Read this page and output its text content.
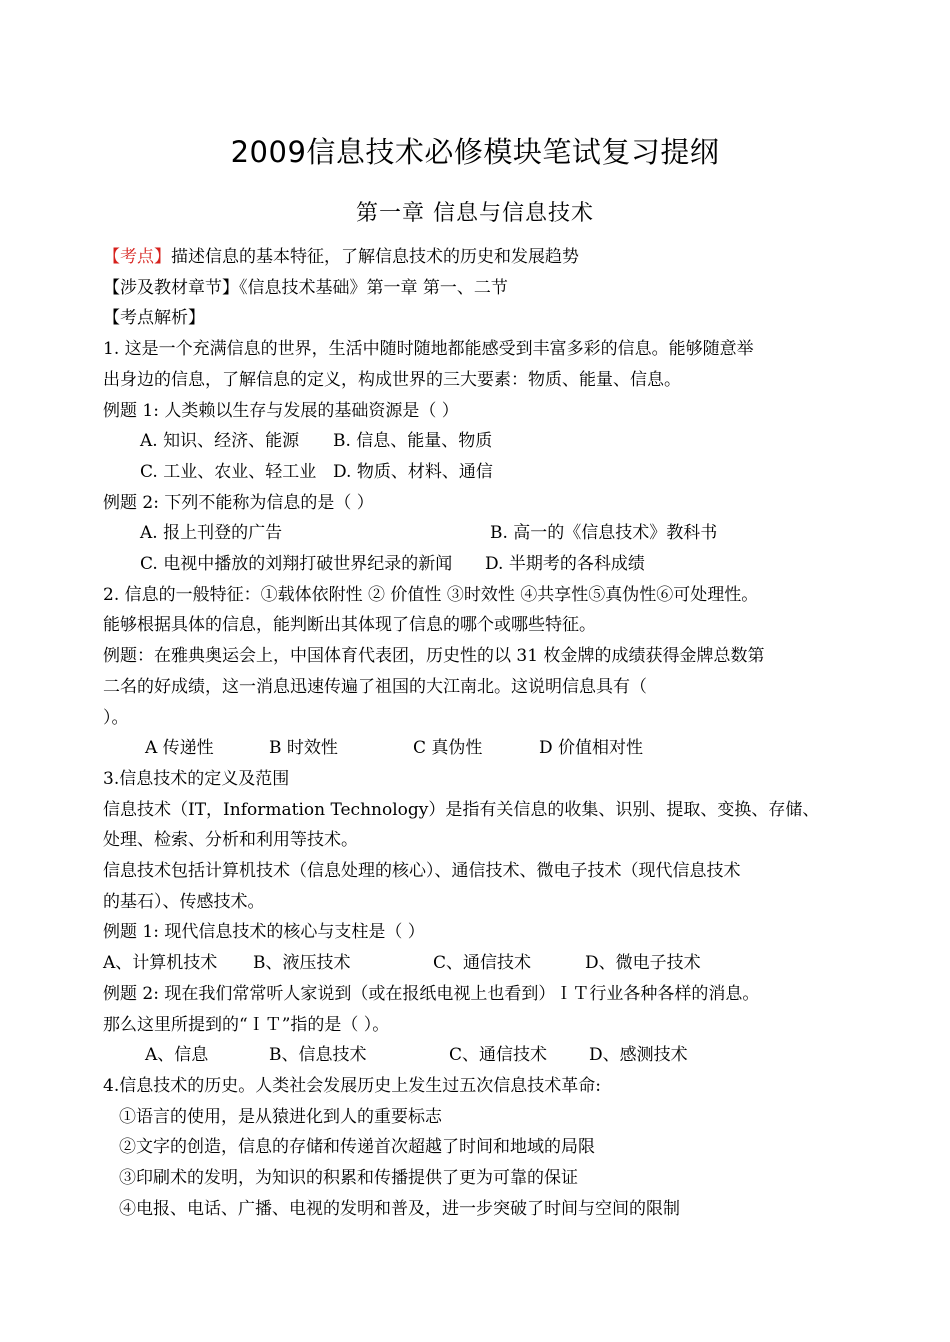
2009信息技术必修模块笔试复习提纲
第一章 信息与信息技术
【考点】描述信息的基本特征，了解信息技术的历史和发展趋势
【涉及教材章节】《信息技术基础》第一章 第一、二节
【考点解析】
1. 这是一个充满信息的世界，生活中随时随地都能感受到丰富多彩的信息。能够随意举
出身边的信息，了解信息的定义，构成世界的三大要素：物质、能量、信息。
例题 1: 人类赖以生存与发展的基础资源是（ ）
A. 知识、经济、能源 B. 信息、能量、物质
C. 工业、农业、轻工业 D. 物质、材料、通信
例题 2: 下列不能称为信息的是（ ）
A. 报上刊登的广告	B. 高一的《信息技术》教科书
C. 电视中播放的刘翔打破世界纪录的新闻 D. 半期考的各科成绩
2. 信息的一般特征：①载体依附性 ② 价值性 ③时效性 ④共享性⑤真伪性⑥可处理性。
能够根据具体的信息，能判断出其体现了信息的哪个或哪些特征。
例题：在雅典奥运会上，中国体育代表团，历史性的以 31 枚金牌的成绩获得金牌总数第
二名的好成绩，这一消息迅速传遍了祖国的大江南北。这说明信息具有（
）。
A 传递性	B 时效性	C 真伪性	D 价值相对性
3.信息技术的定义及范围
信息技术（IT，Information Technology）是指有关信息的收集、识别、提取、变换、存储、
处理、检索、分析和利用等技术。
信息技术包括计算机技术（信息处理的核心）、通信技术、微电子技术（现代信息技术
的基石）、传感技术。
例题 1: 现代信息技术的核心与支柱是（ ）
A、计算机技术 B、液压技术	C、通信技术	D、微电子技术
例题 2: 现在我们常常听人家说到（或在报纸电视上也看到）ＩＴ行业各种各样的消息。
那么这里所提到的“ＩＴ”指的是（ ）。
A、信息	B、信息技术	C、通信技术 D、感测技术
4.信息技术的历史。人类社会发展历史上发生过五次信息技术革命:
①语言的使用，是从猿进化到人的重要标志
②文字的创造，信息的存储和传递首次超越了时间和地域的局限
③印刷术的发明，为知识的积累和传播提供了更为可靠的保证
④电报、电话、广播、电视的发明和普及，进一步突破了时间与空间的限制
